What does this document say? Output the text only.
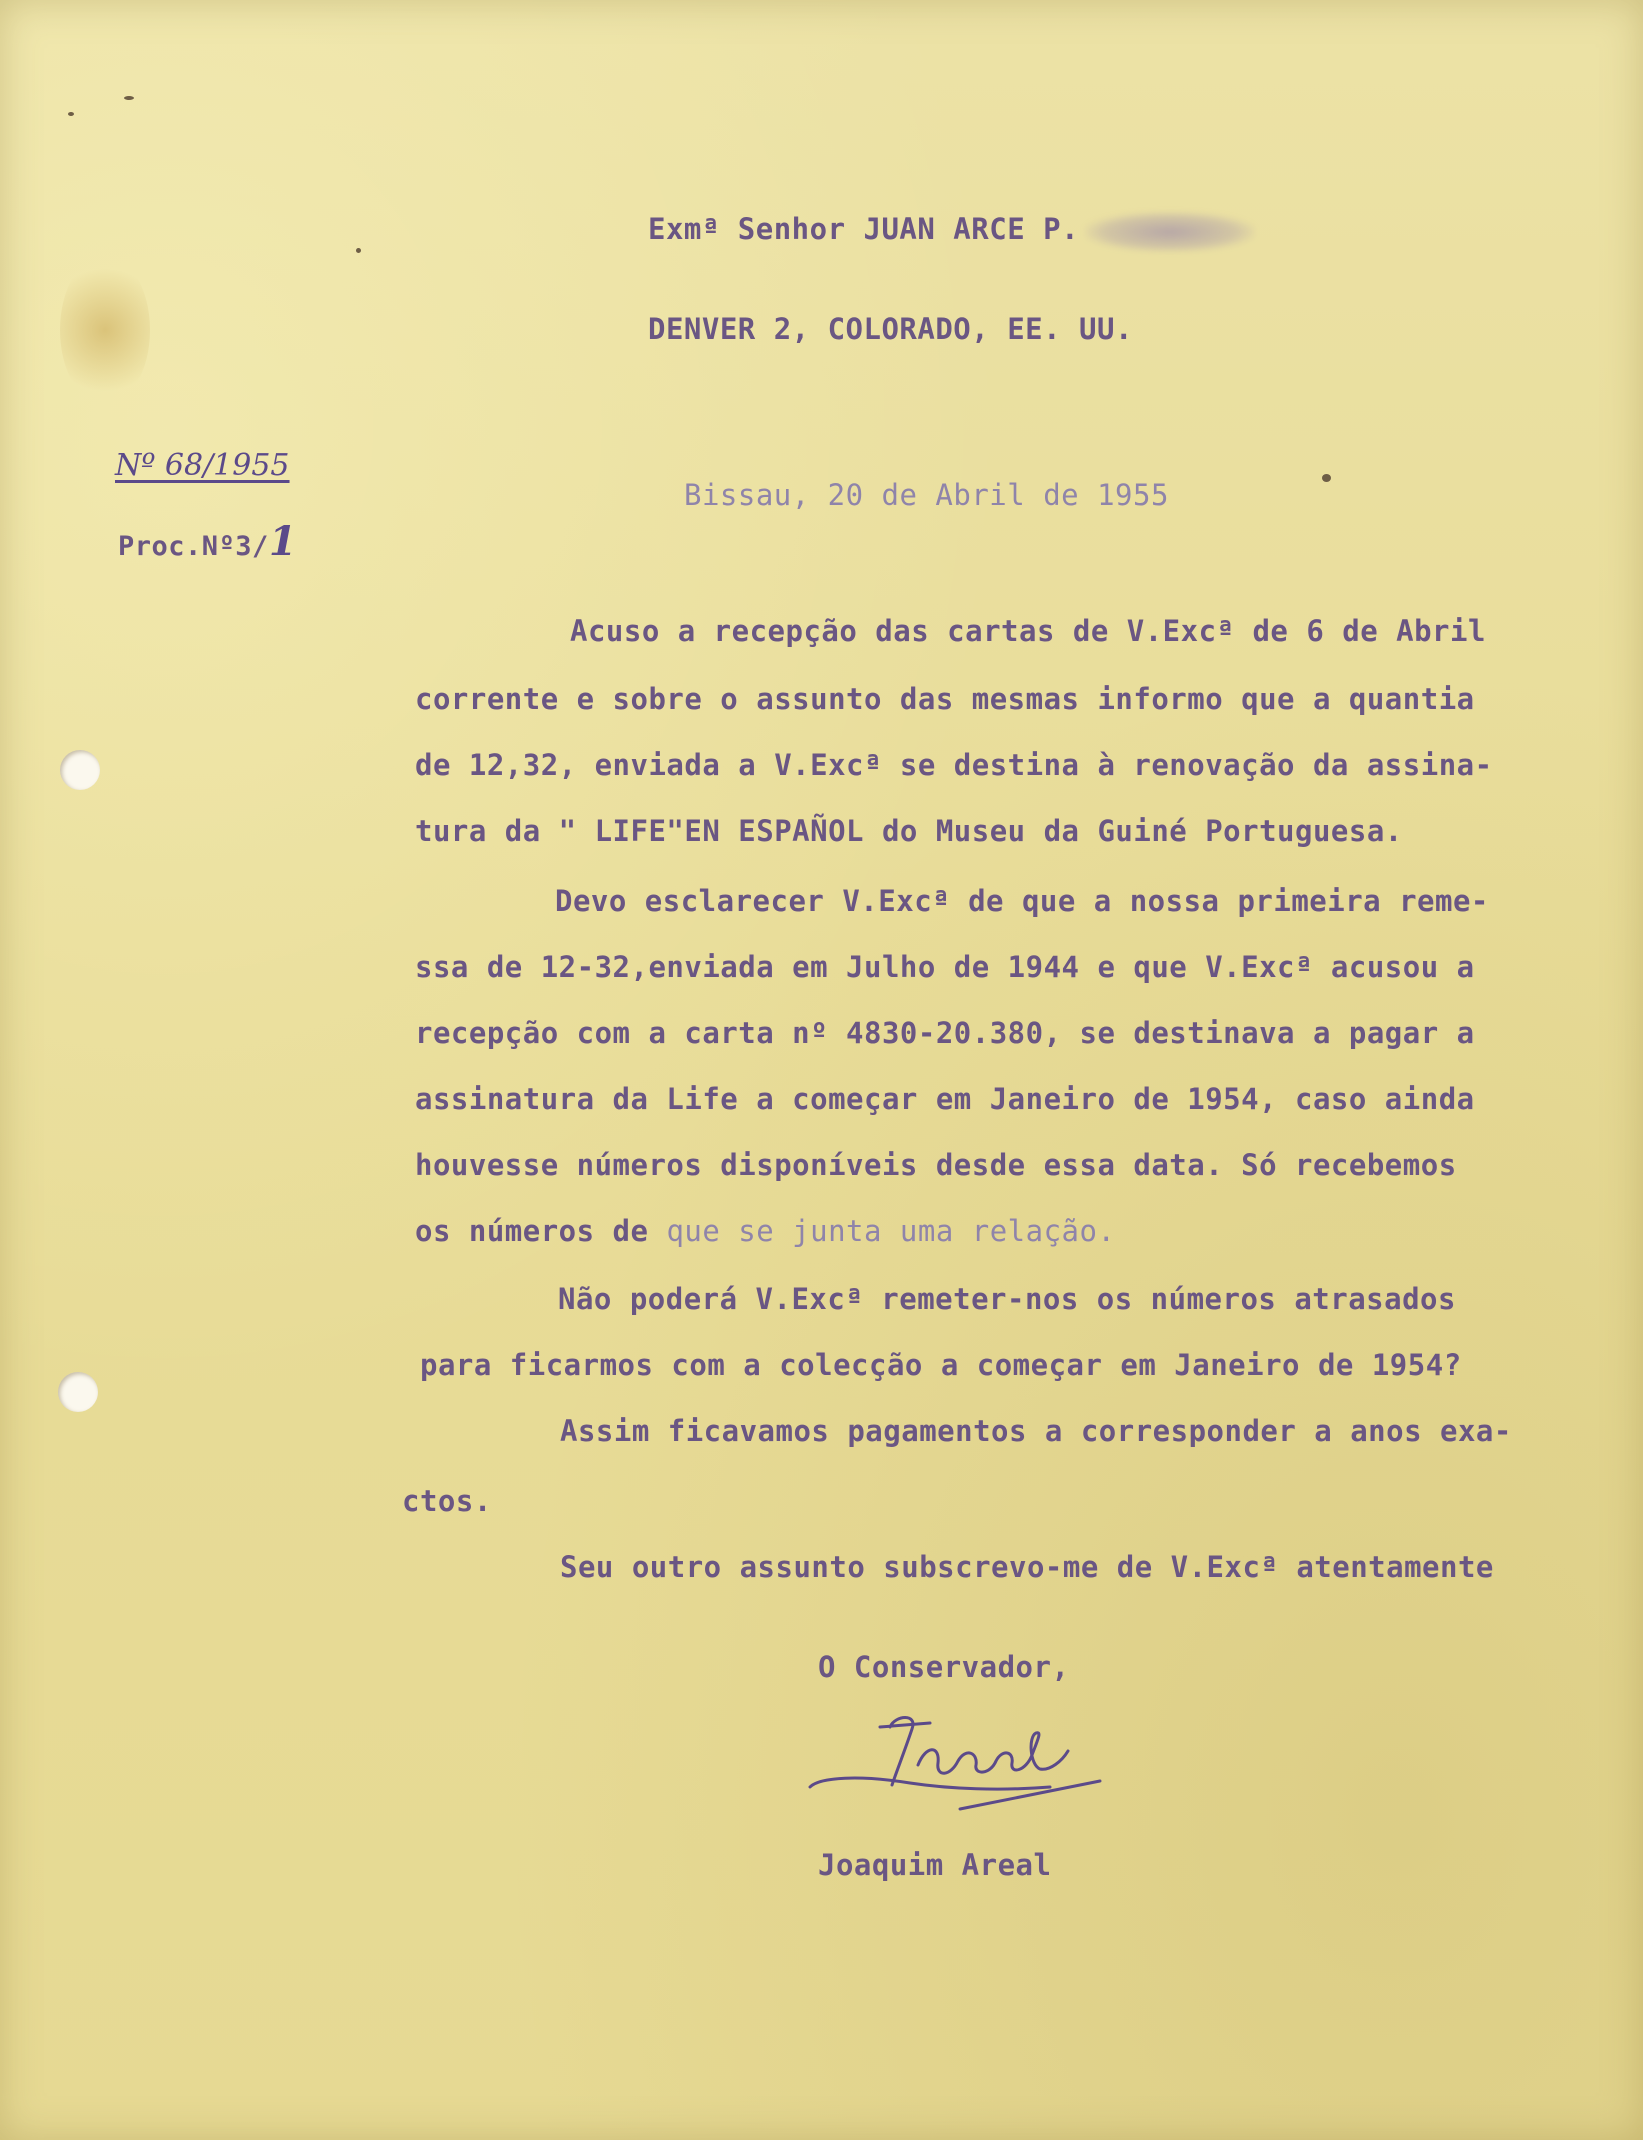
Exmª Senhor JUAN ARCE P.
DENVER 2, COLORADO, EE. UU.
Nº 68/1955
Proc.Nº3/1
Bissau, 20 de Abril de 1955
Acuso a recepção das cartas de V.Excª de 6 de Abril
corrente e sobre o assunto das mesmas informo que a quantia
de 12,32, enviada a V.Excª se destina à renovação da assina-
tura da " LIFE"EN ESPAÑOL do Museu da Guiné Portuguesa.
Devo esclarecer V.Excª de que a nossa primeira reme-
ssa de 12-32,enviada em Julho de 1944 e que V.Excª acusou a
recepção com a carta nº 4830-20.380, se destinava a pagar a
assinatura da Life a começar em Janeiro de 1954, caso ainda
houvesse números disponíveis desde essa data. Só recebemos
os números de que se junta uma relação.
Não poderá V.Excª remeter-nos os números atrasados
para ficarmos com a colecção a começar em Janeiro de 1954?
Assim ficavamos pagamentos a corresponder a anos exa-
ctos.
Seu outro assunto subscrevo-me de V.Excª atentamente
O Conservador,
Joaquim Areal
